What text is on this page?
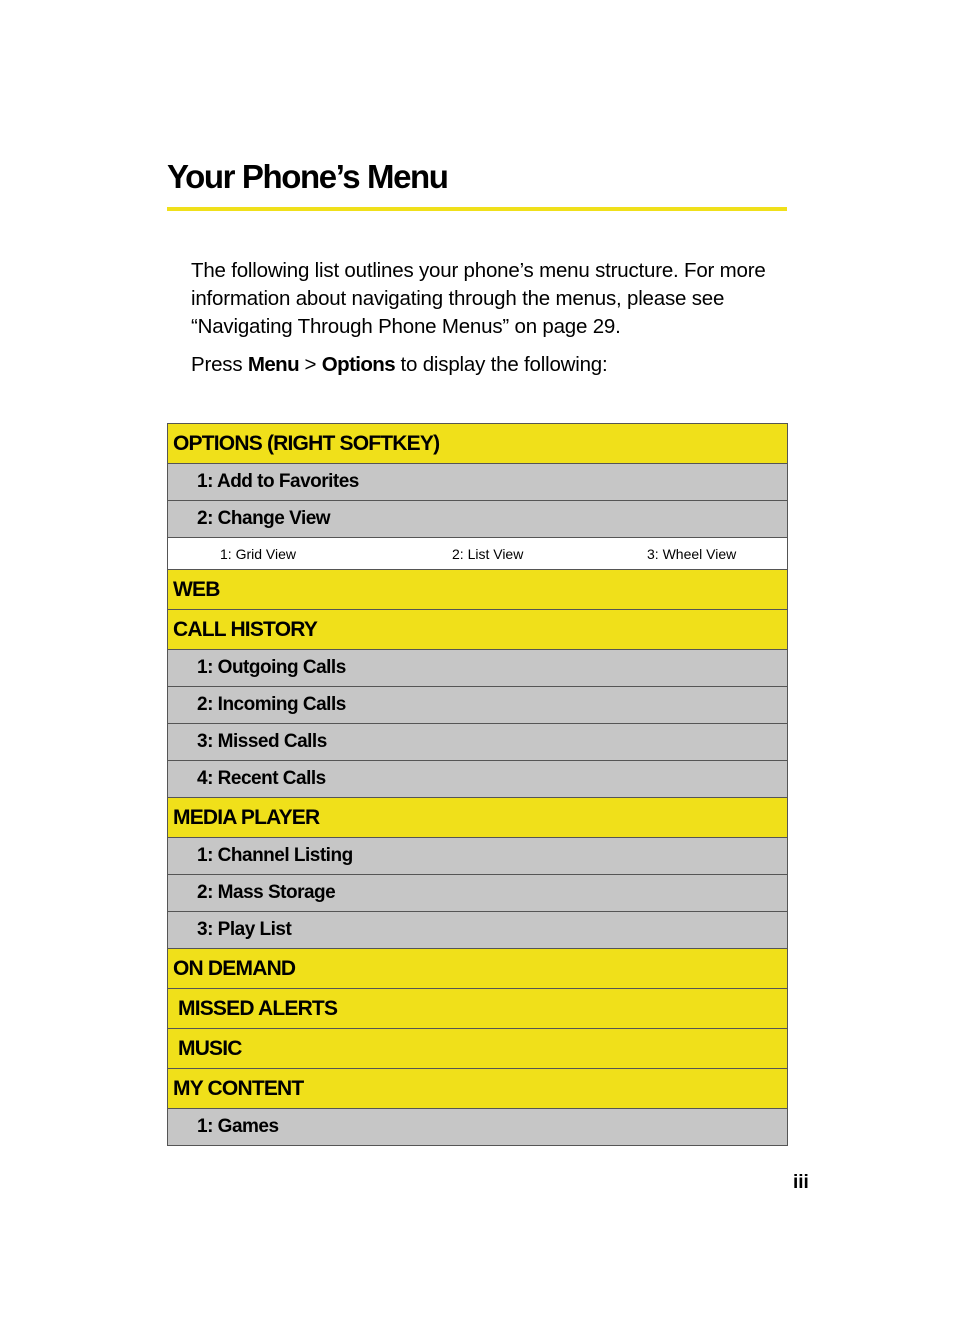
Your Phone’s Menu

The following list outlines your phone’s menu structure. For more information about navigating through the menus, please see “Navigating Through Phone Menus” on page 29.

Press Menu > Options to display the following:

OPTIONS (RIGHT SOFTKEY)
1: Add to Favorites
2: Change View
1: Grid View	2: List View	3: Wheel View
WEB
CALL HISTORY
1: Outgoing Calls
2: Incoming Calls
3: Missed Calls
4: Recent Calls
MEDIA PLAYER
1: Channel Listing
2: Mass Storage
3: Play List
ON DEMAND
MISSED ALERTS
MUSIC
MY CONTENT
1: Games
iii
